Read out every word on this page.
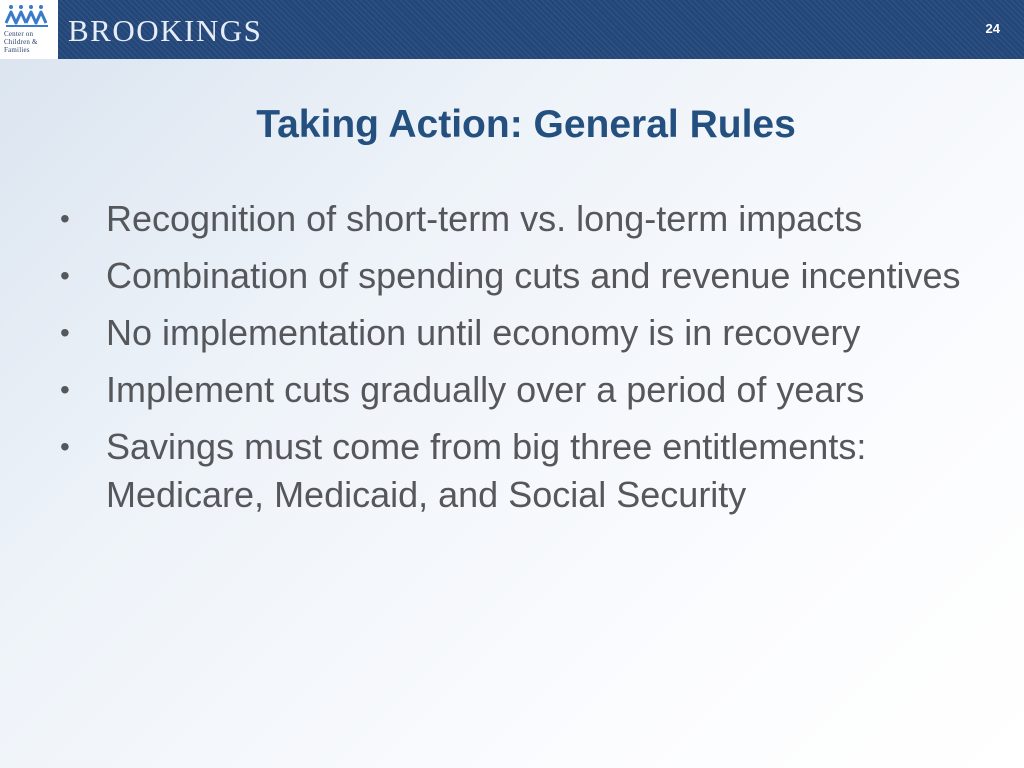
Center on
Children &
Families
BROOKINGS	24
Taking Action: General Rules
• Recognition of short-term vs. long-term impacts
• Combination of spending cuts and revenue incentives
• No implementation until economy is in recovery
• Implement cuts gradually over a period of years
• Savings must come from big three entitlements: Medicare, Medicaid, and Social Security
